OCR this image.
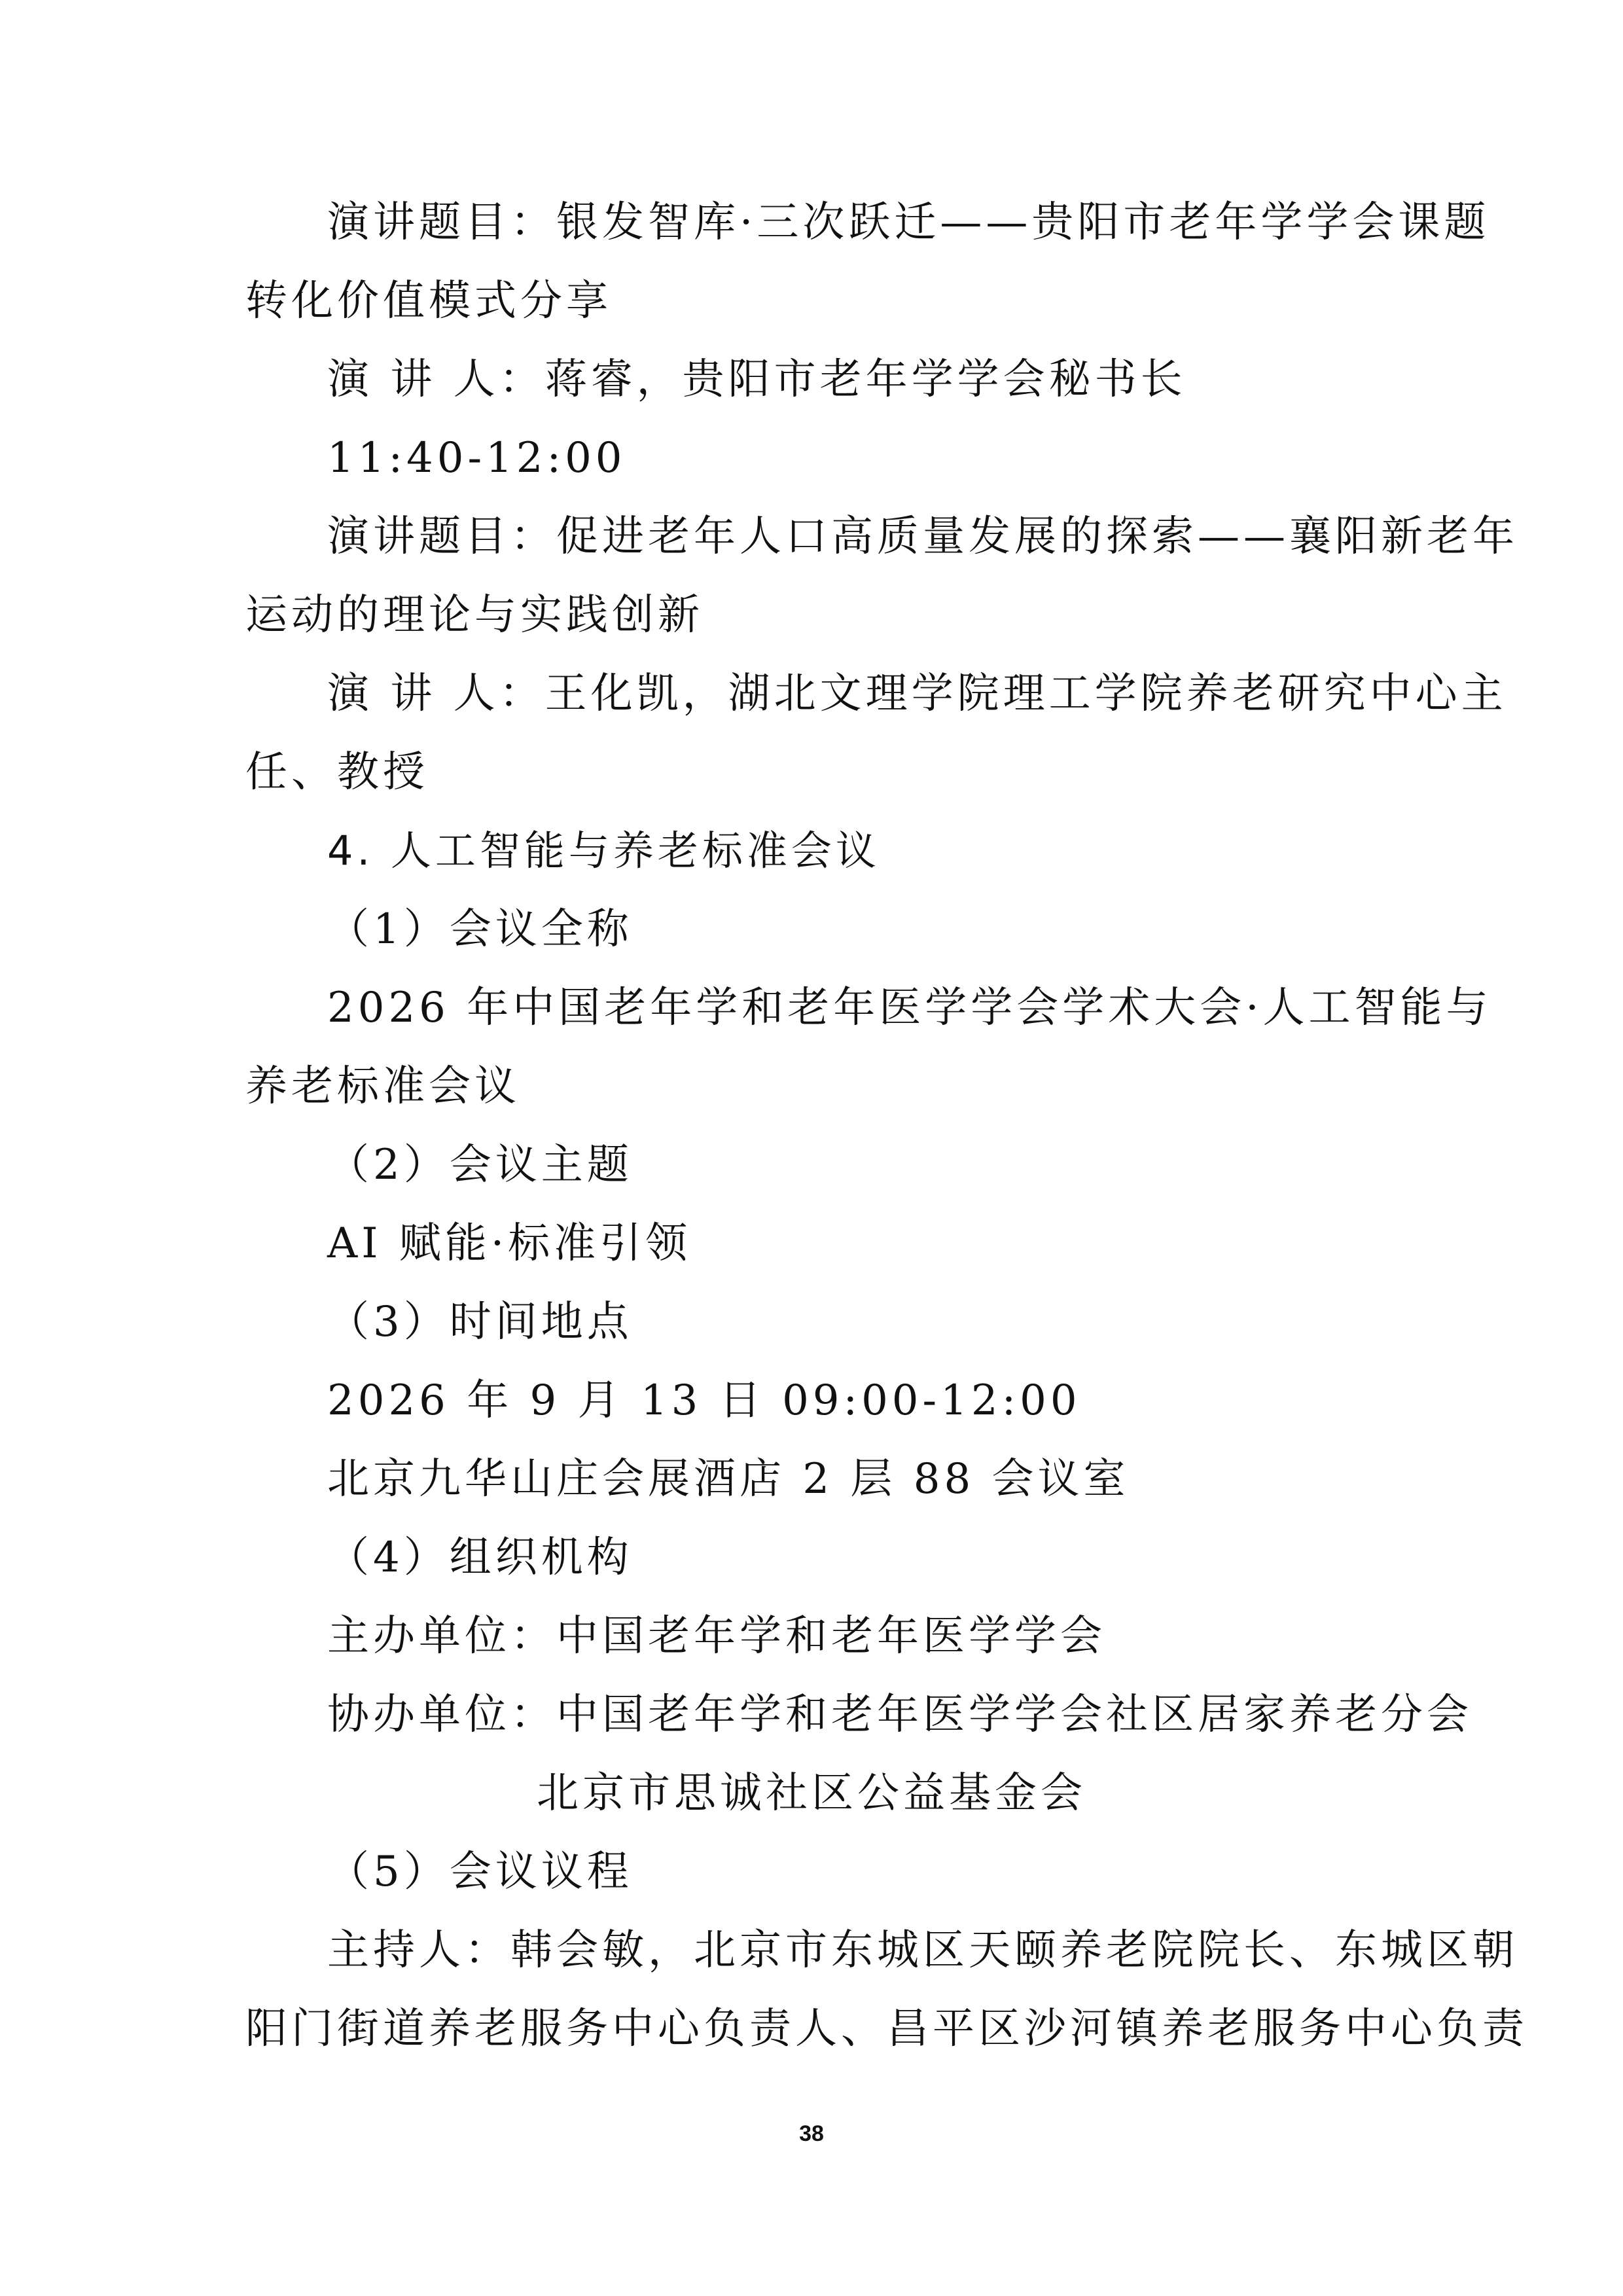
演讲题目：银发智库·三次跃迁——贵阳市老年学学会课题
转化价值模式分享
演 讲 人：蒋睿，贵阳市老年学学会秘书长
11:40-12:00
演讲题目：促进老年人口高质量发展的探索——襄阳新老年
运动的理论与实践创新
演 讲 人：王化凯，湖北文理学院理工学院养老研究中心主
任、教授
4. 人工智能与养老标准会议
（1）会议全称
2026 年中国老年学和老年医学学会学术大会·人工智能与
养老标准会议
（2）会议主题
AI 赋能·标准引领
（3）时间地点
2026 年 9 月 13 日 09:00-12:00
北京九华山庄会展酒店 2 层 88 会议室
（4）组织机构
主办单位：中国老年学和老年医学学会
协办单位：中国老年学和老年医学学会社区居家养老分会
北京市思诚社区公益基金会
（5）会议议程
主持人：韩会敏，北京市东城区天颐养老院院长、东城区朝
阳门街道养老服务中心负责人、昌平区沙河镇养老服务中心负责
38
